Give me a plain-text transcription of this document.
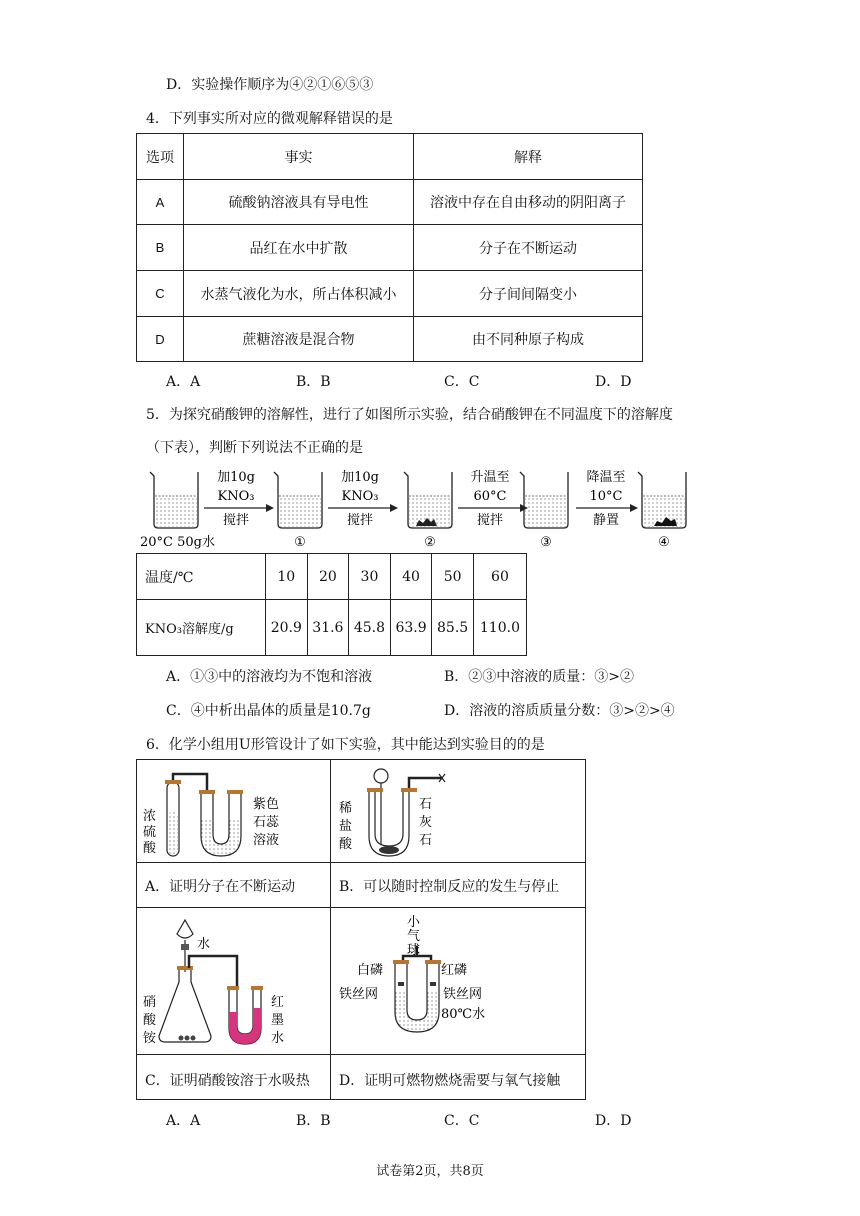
D．实验操作顺序为④②①⑥⑤③
4．下列事实所对应的微观解释错误的是
选项	事实	解释
A	硫酸钠溶液具有导电性	溶液中存在自由移动的阴阳离子
B	品红在水中扩散	分子在不断运动
C	水蒸气液化为水，所占体积减小	分子间间隔变小
D	蔗糖溶液是混合物	由不同种原子构成
A．A	B．B	C．C	D．D
5．为探究硝酸钾的溶解性，进行了如图所示实验，结合硝酸钾在不同温度下的溶解度
（下表），判断下列说法不正确的是
加10g
KNO₃
搅拌
加10g
KNO₃
搅拌
升温至
60°C
搅拌
降温至
10°C
静置
20°C 50g水	①	②	③	④
温度/℃	10	20	30	40	50	60
KNO₃溶解度/g	20.9	31.6	45.8	63.9	85.5	110.0
A．①③中的溶液均为不饱和溶液	B．②③中溶液的质量：③>②
C．④中析出晶体的质量是10.7g	D．溶液的溶质质量分数：③>②>④
6．化学小组用U形管设计了如下实验，其中能达到实验目的的是
浓
硫
酸
紫色
石蕊
溶液
稀
盐
酸
石
灰
石
A．证明分子在不断运动	B．可以随时控制反应的发生与停止
水
硝
酸
铵
红
墨
水
小
气
球
白磷	红磷
铁丝网	铁丝网
80℃水
C．证明硝酸铵溶于水吸热 D．证明可燃物燃烧需要与氧气接触
A．A	B．B	C．C	D．D
试卷第2页，共8页
